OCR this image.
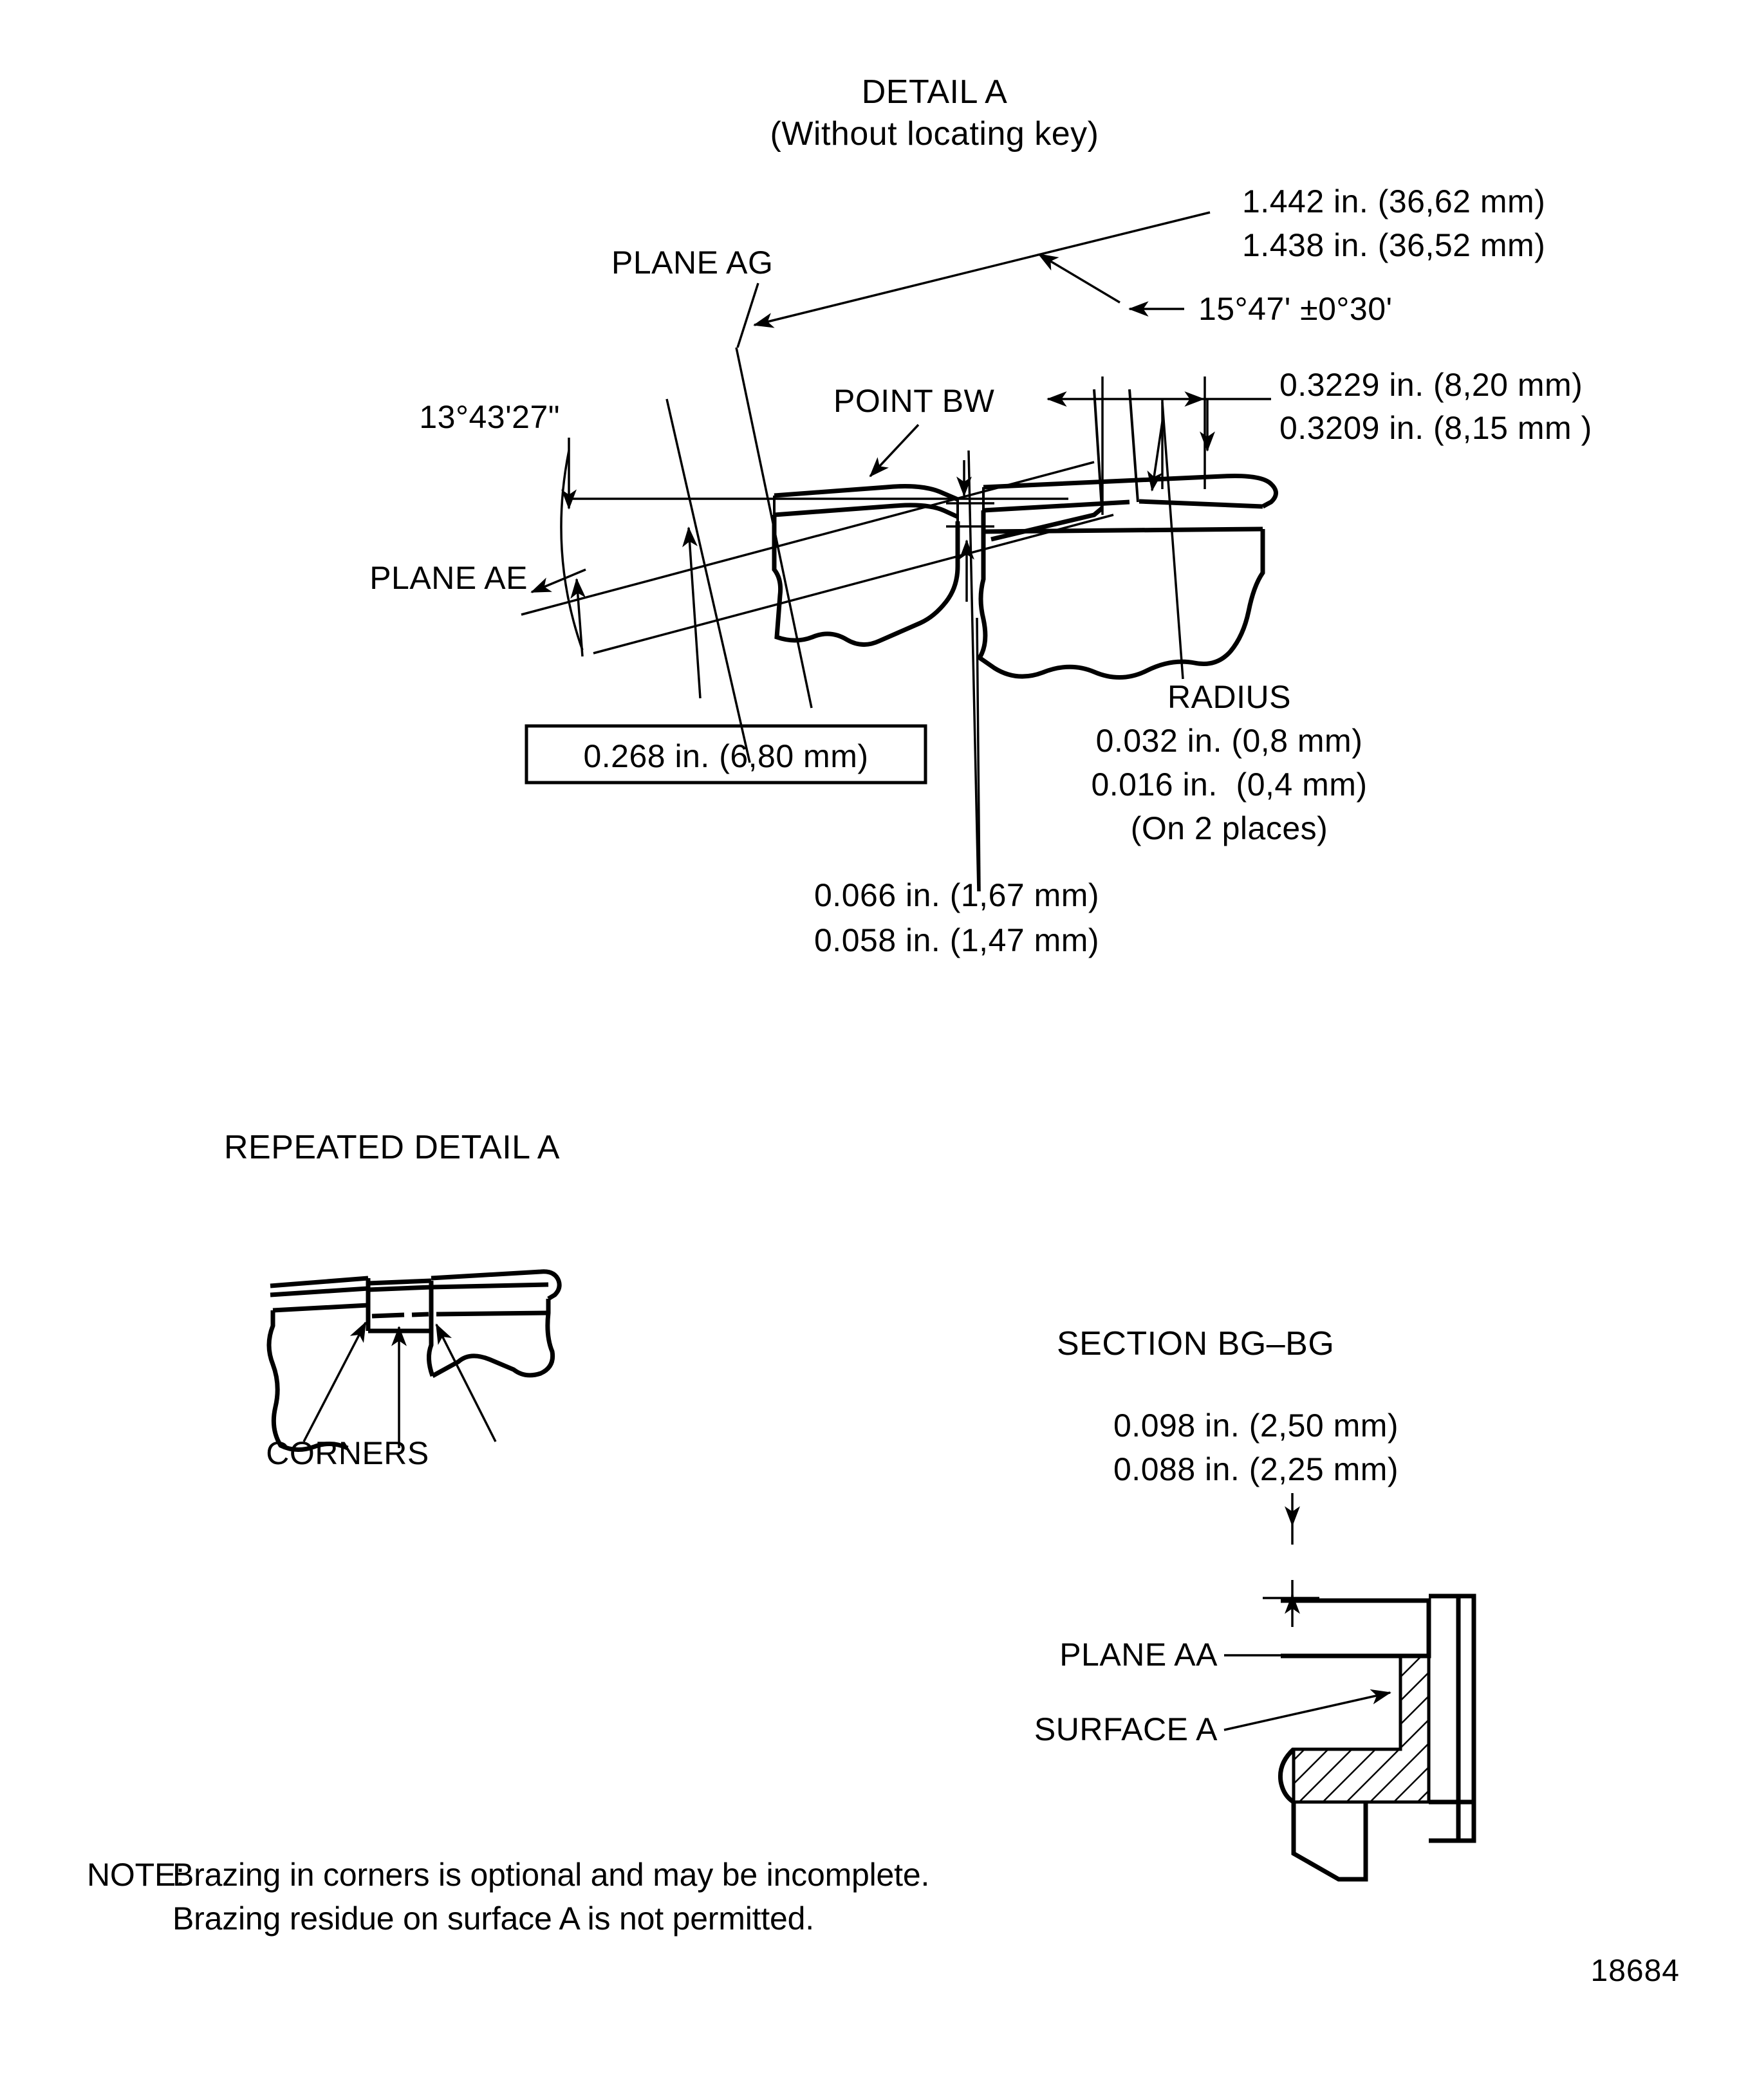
DETAIL A
(Without locating key)
PLANE AG
13°43'27"	POINT BW
PLANE AE
1.442 in. (36,62 mm)
1.438 in. (36,52 mm)
15°47' ±0°30'
0.3229 in. (8,20 mm)
0.3209 in. (8,15 mm )
0.268 in. (6,80 mm)
RADIUS
0.032 in. (0,8 mm)
0.016 in.  (0,4 mm)
(On 2 places)
0.066 in. (1,67 mm)
0.058 in. (1,47 mm)
REPEATED DETAIL A
CORNERS
SECTION BG–BG
0.098 in. (2,50 mm)
0.088 in. (2,25 mm)
PLANE AA
SURFACE A
NOTE:
Brazing in corners is optional and may be incomplete.
Brazing residue on surface A is not permitted.
18684
